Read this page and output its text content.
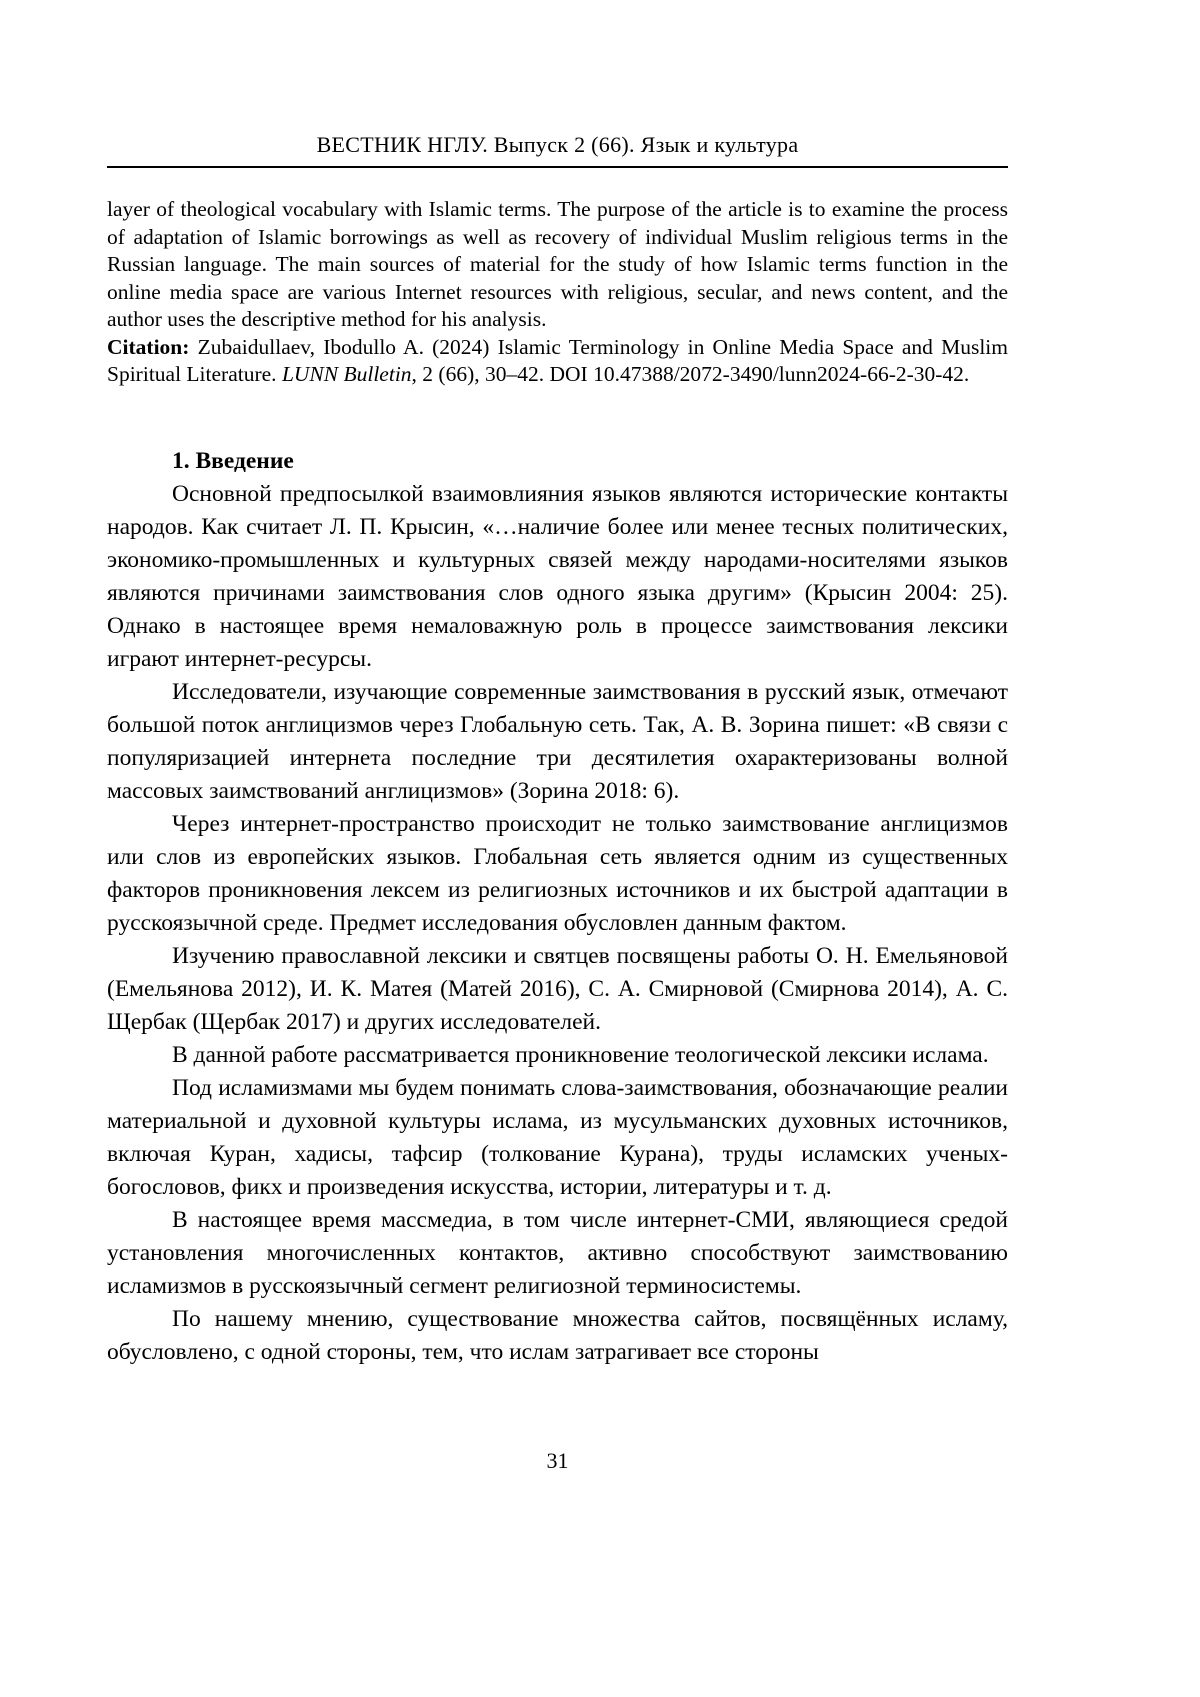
ВЕСТНИК НГЛУ. Выпуск 2 (66). Язык и культура

layer of theological vocabulary with Islamic terms. The purpose of the article is to examine the process of adaptation of Islamic borrowings as well as recovery of individual Muslim religious terms in the Russian language. The main sources of material for the study of how Islamic terms function in the online media space are various Internet resources with religious, secular, and news content, and the author uses the descriptive method for his analysis.

Citation: Zubaidullaev, Ibodullo A. (2024) Islamic Terminology in Online Media Space and Muslim Spiritual Literature. LUNN Bulletin, 2 (66), 30–42. DOI 10.47388/2072-3490/lunn2024-66-2-30-42.

1. Введение

Основной предпосылкой взаимовлияния языков являются исторические контакты народов. Как считает Л. П. Крысин, «…наличие более или менее тесных политических, экономико-промышленных и культурных связей между народами-носителями языков являются причинами заимствования слов одного языка другим» (Крысин 2004: 25). Однако в настоящее время немаловажную роль в процессе заимствования лексики играют интернет-ресурсы.

Исследователи, изучающие современные заимствования в русский язык, отмечают большой поток англицизмов через Глобальную сеть. Так, А. В. Зорина пишет: «В связи с популяризацией интернета последние три десятилетия охарактеризованы волной массовых заимствований англицизмов» (Зорина 2018: 6).

Через интернет-пространство происходит не только заимствование англицизмов или слов из европейских языков. Глобальная сеть является одним из существенных факторов проникновения лексем из религиозных источников и их быстрой адаптации в русскоязычной среде. Предмет исследования обусловлен данным фактом.

Изучению православной лексики и святцев посвящены работы О. Н. Емельяновой (Емельянова 2012), И. К. Матея (Матей 2016), С. А. Смирновой (Смирнова 2014), А. С. Щербак (Щербак 2017) и других исследователей.

В данной работе рассматривается проникновение теологической лексики ислама.

Под исламизмами мы будем понимать слова-заимствования, обозначающие реалии материальной и духовной культуры ислама, из мусульманских духовных источников, включая Куран, хадисы, тафсир (толкование Курана), труды исламских ученых-богословов, фикх и произведения искусства, истории, литературы и т. д.

В настоящее время массмедиа, в том числе интернет-СМИ, являющиеся средой установления многочисленных контактов, активно способствуют заимствованию исламизмов в русскоязычный сегмент религиозной терминосистемы.

По нашему мнению, существование множества сайтов, посвящённых исламу, обусловлено, с одной стороны, тем, что ислам затрагивает все стороны

31
